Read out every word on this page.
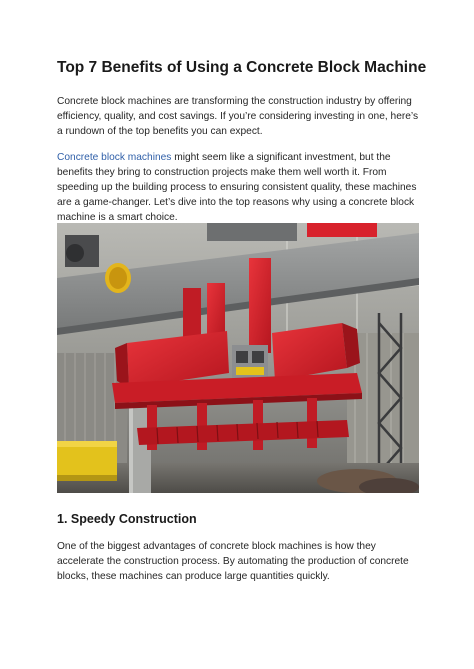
Top 7 Benefits of Using a Concrete Block Machine

Concrete block machines are transforming the construction industry by offering efficiency, quality, and cost savings. If you’re considering investing in one, here’s a rundown of the top benefits you can expect.

Concrete block machines might seem like a significant investment, but the benefits they bring to construction projects make them well worth it. From speeding up the building process to ensuring consistent quality, these machines are a game-changer. Let’s dive into the top reasons why using a concrete block machine is a smart choice.

1. Speedy Construction

One of the biggest advantages of concrete block machines is how they accelerate the construction process. By automating the production of concrete blocks, these machines can produce large quantities quickly.
